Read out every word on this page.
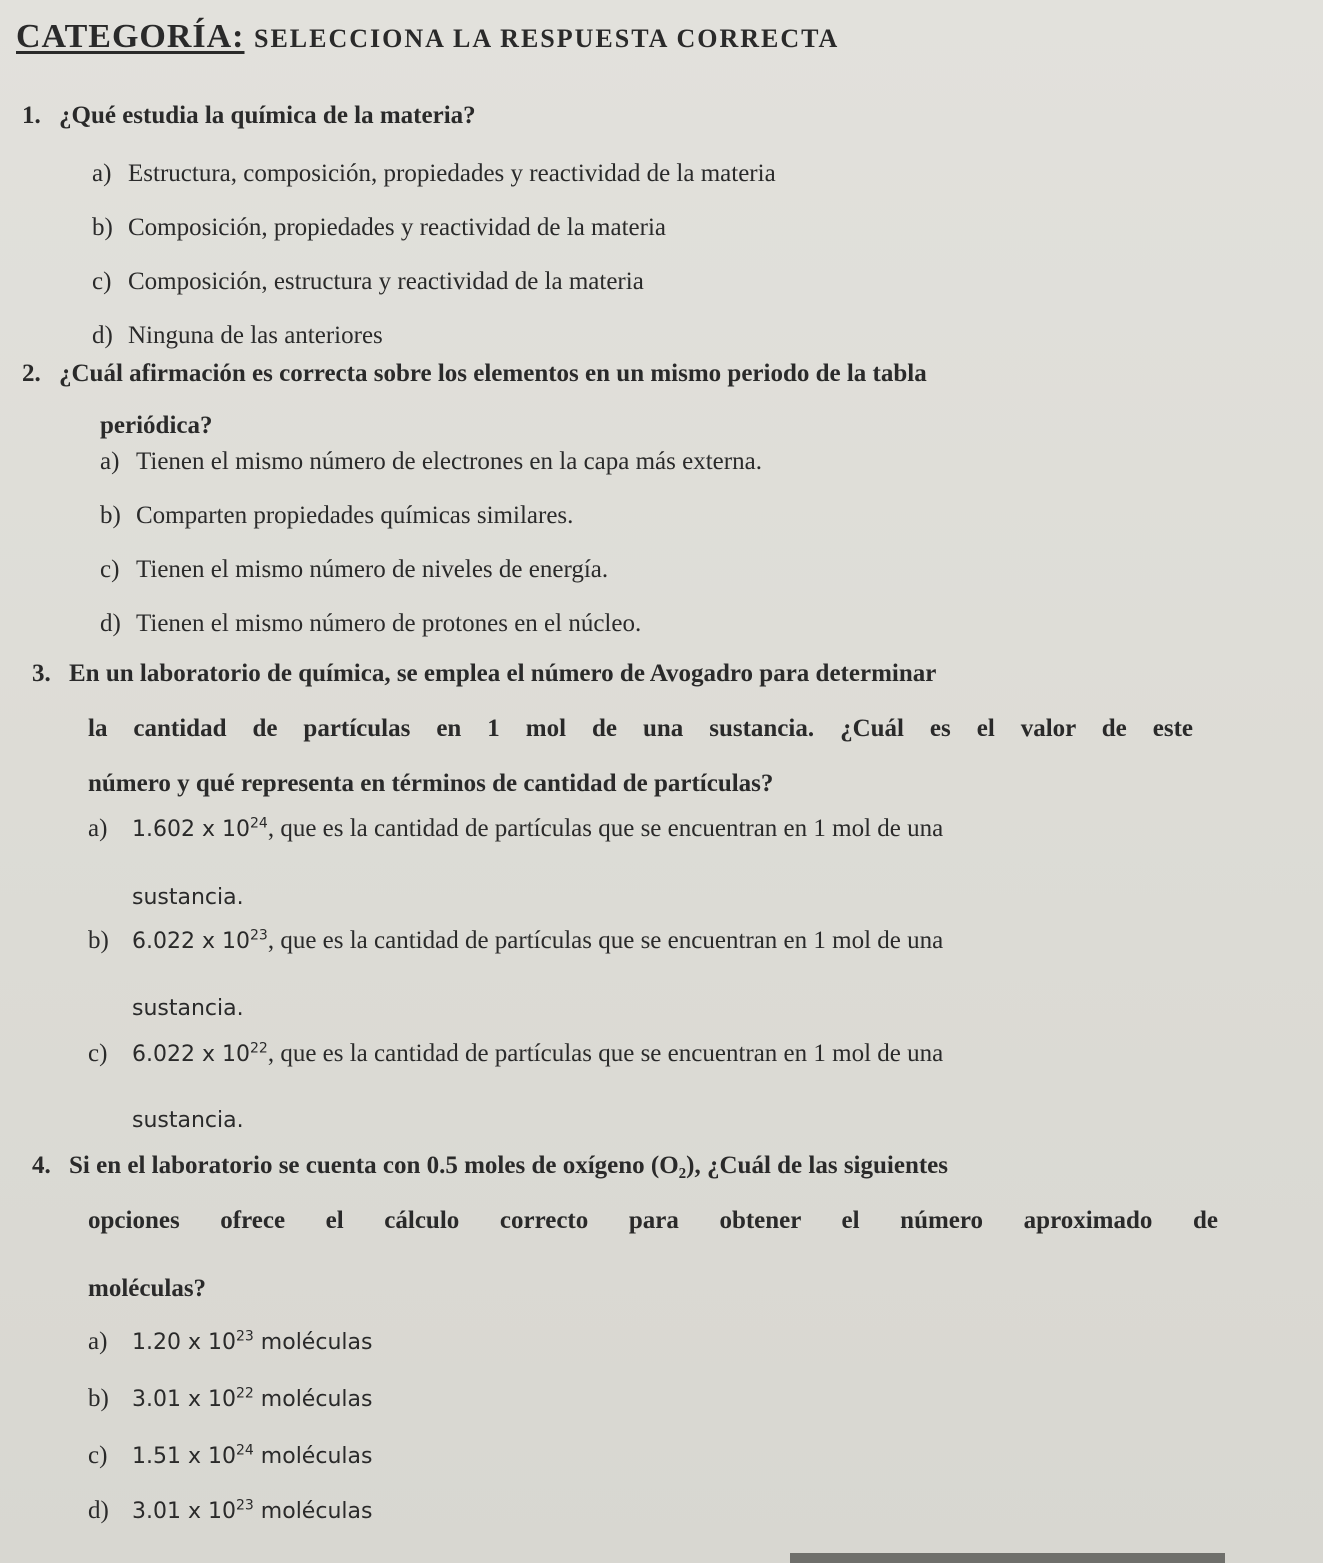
CATEGORÍA: SELECCIONA LA RESPUESTA CORRECTA
1. ¿Qué estudia la química de la materia?
a) Estructura, composición, propiedades y reactividad de la materia
b) Composición, propiedades y reactividad de la materia
c) Composición, estructura y reactividad de la materia
d) Ninguna de las anteriores
2. ¿Cuál afirmación es correcta sobre los elementos en un mismo periodo de la tabla
periódica?
a) Tienen el mismo número de electrones en la capa más externa.
b) Comparten propiedades químicas similares.
c) Tienen el mismo número de niveles de energía.
d) Tienen el mismo número de protones en el núcleo.
3. En un laboratorio de química, se emplea el número de Avogadro para determinar
la cantidad de partículas en 1 mol de una sustancia. ¿Cuál es el valor de este
número y qué representa en términos de cantidad de partículas?
a) 1.602 x $10^{24}$, que es la cantidad de partículas que se encuentran en 1 mol de una
sustancia.
b) 6.022 x $10^{23}$, que es la cantidad de partículas que se encuentran en 1 mol de una
sustancia.
c) 6.022 x $10^{22}$, que es la cantidad de partículas que se encuentran en 1 mol de una
sustancia.
4. Si en el laboratorio se cuenta con 0.5 moles de oxígeno (O₂), ¿Cuál de las siguientes
opciones ofrece el cálculo correcto para obtener el número aproximado de
moléculas?
a) 1.20 x $10^{23}$ moléculas
b) 3.01 x $10^{22}$ moléculas
c) 1.51 x $10^{24}$ moléculas
d) 3.01 x $10^{23}$ moléculas
